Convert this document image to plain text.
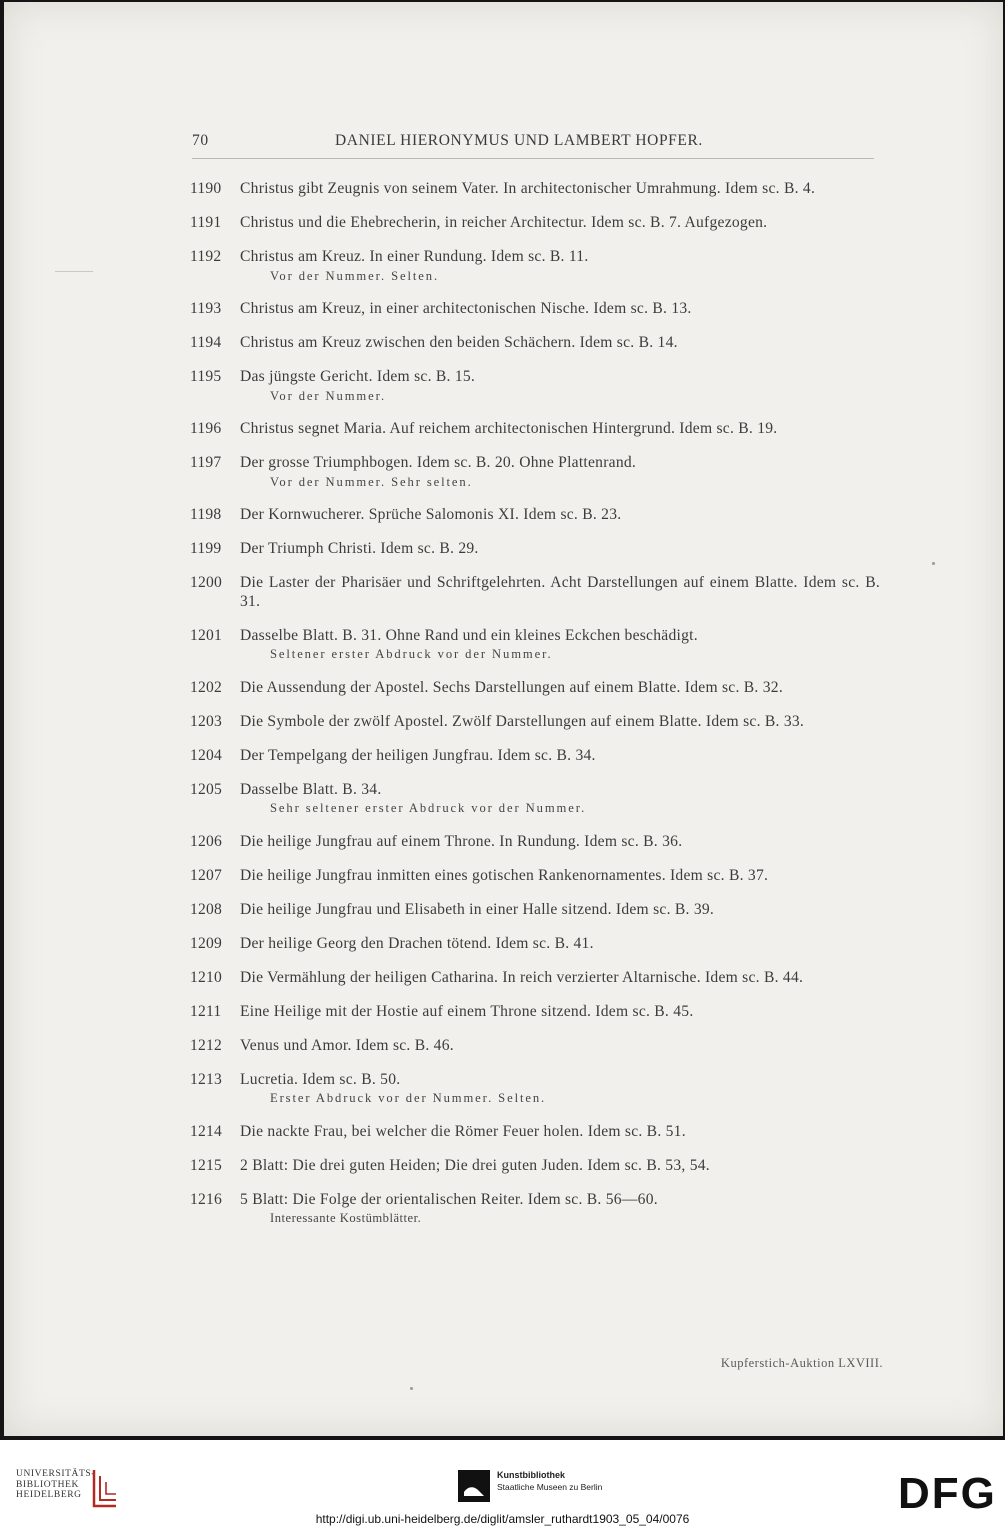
70	DANIEL HIERONYMUS UND LAMBERT HOPFER.
1190 Christus gibt Zeugnis von seinem Vater. In architectonischer Umrahmung. Idem sc. B. 4.
1191 Christus und die Ehebrecherin, in reicher Architectur. Idem sc. B. 7. Aufgezogen.
1192 Christus am Kreuz. In einer Rundung. Idem sc. B. 11.
Vor der Nummer. Selten.
1193 Christus am Kreuz, in einer architectonischen Nische. Idem sc. B. 13.
1194 Christus am Kreuz zwischen den beiden Schächern. Idem sc. B. 14.
1195 Das jüngste Gericht. Idem sc. B. 15.
Vor der Nummer.
1196 Christus segnet Maria. Auf reichem architectonischen Hintergrund. Idem sc. B. 19.
1197 Der grosse Triumphbogen. Idem sc. B. 20. Ohne Plattenrand.
Vor der Nummer. Sehr selten.
1198 Der Kornwucherer. Sprüche Salomonis XI. Idem sc. B. 23.
1199 Der Triumph Christi. Idem sc. B. 29.
1200 Die Laster der Pharisäer und Schriftgelehrten. Acht Darstellungen auf einem Blatte. Idem sc. B. 31.
1201 Dasselbe Blatt. B. 31. Ohne Rand und ein kleines Eckchen beschädigt.
Seltener erster Abdruck vor der Nummer.
1202 Die Aussendung der Apostel. Sechs Darstellungen auf einem Blatte. Idem sc. B. 32.
1203 Die Symbole der zwölf Apostel. Zwölf Darstellungen auf einem Blatte. Idem sc. B. 33.
1204 Der Tempelgang der heiligen Jungfrau. Idem sc. B. 34.
1205 Dasselbe Blatt. B. 34.
Sehr seltener erster Abdruck vor der Nummer.
1206 Die heilige Jungfrau auf einem Throne. In Rundung. Idem sc. B. 36.
1207 Die heilige Jungfrau inmitten eines gotischen Rankenornamentes. Idem sc. B. 37.
1208 Die heilige Jungfrau und Elisabeth in einer Halle sitzend. Idem sc. B. 39.
1209 Der heilige Georg den Drachen tötend. Idem sc. B. 41.
1210 Die Vermählung der heiligen Catharina. In reich verzierter Altarnische. Idem sc. B. 44.
1211 Eine Heilige mit der Hostie auf einem Throne sitzend. Idem sc. B. 45.
1212 Venus und Amor. Idem sc. B. 46.
1213 Lucretia. Idem sc. B. 50.
Erster Abdruck vor der Nummer. Selten.
1214 Die nackte Frau, bei welcher die Römer Feuer holen. Idem sc. B. 51.
1215 2 Blatt: Die drei guten Heiden; Die drei guten Juden. Idem sc. B. 53, 54.
1216 5 Blatt: Die Folge der orientalischen Reiter. Idem sc. B. 56—60.
Interessante Kostümblätter.
Kupferstich-Auktion LXVIII.
UNIVERSITÄTS-
BIBLIOTHEK
HEIDELBERG
Kunstbibliothek
Staatliche Museen zu Berlin	DFG
http://digi.ub.uni-heidelberg.de/diglit/amsler_ruthardt1903_05_04/0076
